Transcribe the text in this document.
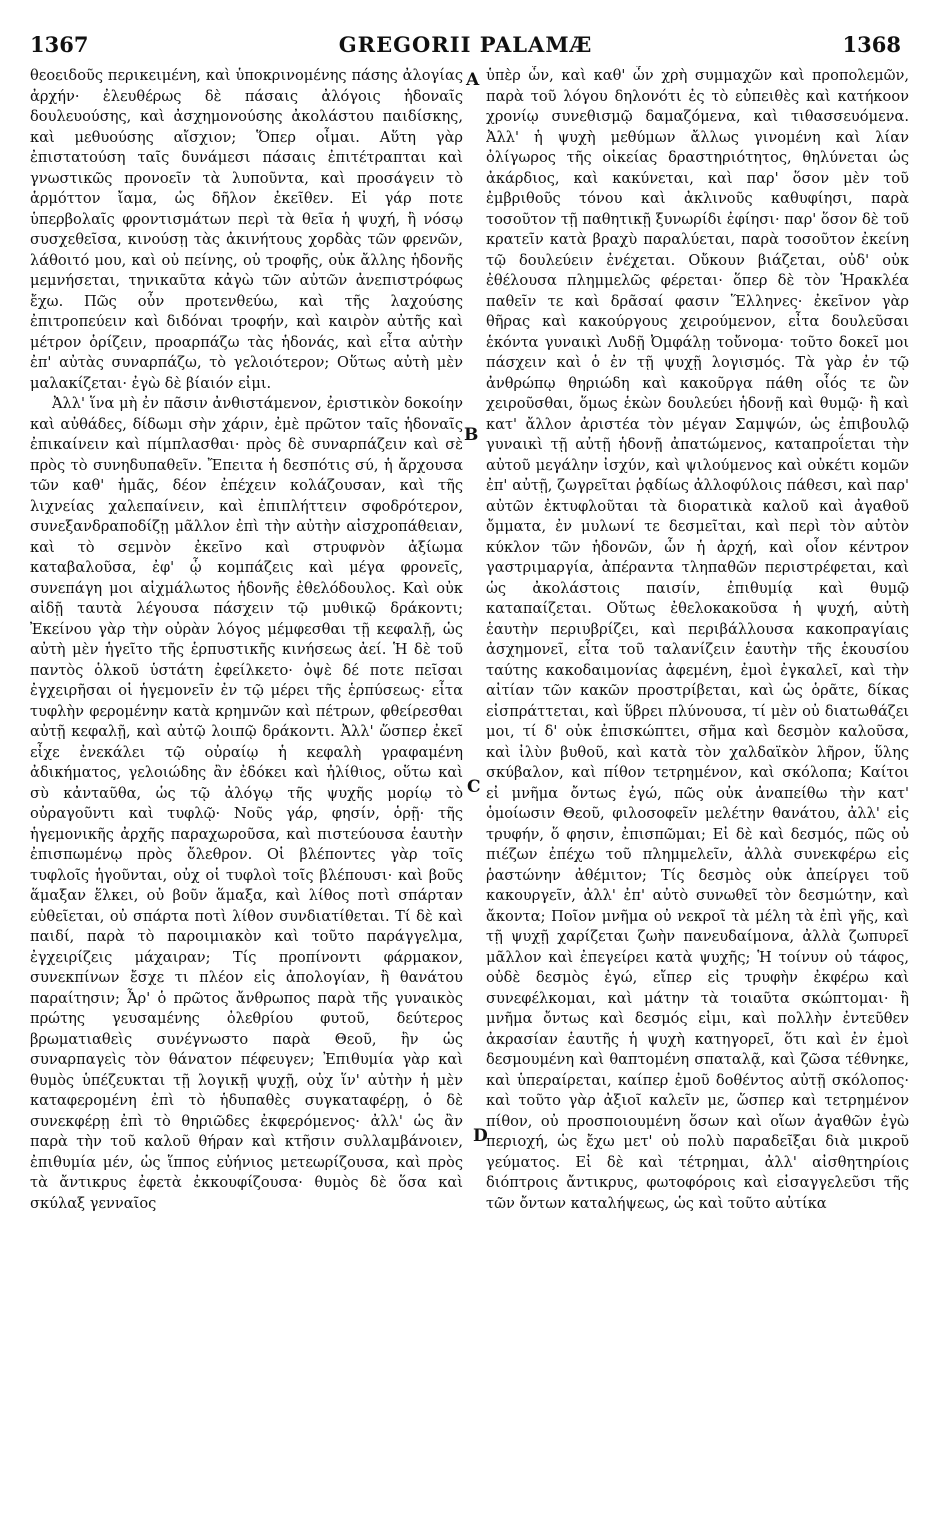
1367	GREGORII PALAMÆ	1368

θεοειδοῦς περικειμένη, καὶ ὑποκρινομένης πάσης ἀλογίας ἀρχήν· ἐλευθέρως δὲ πάσαις ἀλόγοις ἡδοναῖς δουλευούσης, καὶ ἀσχημονούσης ἀκολάστου παιδίσκης, καὶ μεθυούσης αἴσχιον; Ὅπερ οἶμαι. Αὕτη γὰρ ἐπιστατούση ταῖς δυνάμεσι πάσαις ἐπιτέτραπται καὶ γνωστικῶς προνοεῖν τὰ λυποῦντα, καὶ προσάγειν τὸ ἁρμόττον ἴαμα, ὡς δῆλον ἐκεῖθεν. Εἰ γάρ ποτε ὑπερβολαῖς φροντισμάτων περὶ τὰ θεῖα ἡ ψυχή, ἢ νόσῳ συσχεθεῖσα, κινούσῃ τὰς ἀκινήτους χορδὰς τῶν φρενῶν, λάθοιτό μου, καὶ οὐ πείνης, οὐ τροφῆς, οὐκ ἄλλης ἡδονῆς μεμνήσεται, τηνικαῦτα κἀγὼ τῶν αὐτῶν ἀνεπιστρόφως ἔχω. Πῶς οὖν προτενθεύω, καὶ τῆς λαχούσης ἐπιτροπεύειν καὶ διδόναι τροφήν, καὶ καιρὸν αὐτῆς καὶ μέτρον ὁρίζειν, προαρπάζω τὰς ἡδονάς, καὶ εἶτα αὐτὴν ἐπ' αὐτὰς συναρπάζω, τὸ γελοιότερον; Οὕτως αὐτὴ μὲν μαλακίζεται· ἐγὼ δὲ βίαιόν εἰμι.

Ἀλλ' ἵνα μὴ ἐν πᾶσιν ἀνθιστάμενον, ἐριστικὸν δοκοίην καὶ αὐθάδες, δίδωμι σὴν χάριν, ἐμὲ πρῶτον ταῖς ἡδοναῖς ἐπικαίνειν καὶ πίμπλασθαι· πρὸς δὲ συναρπάζειν καὶ σὲ πρὸς τὸ συνηδυπαθεῖν. Ἔπειτα ἡ δεσπότις σύ, ἡ ἄρχουσα τῶν καθ' ἡμᾶς, δέον ἐπέχειν κολάζουσαν, καὶ τῆς λιχνείας χαλεπαίνειν, καὶ ἐπιπλήττειν σφοδρότερον, συνεξανδραποδίζῃ μᾶλλον ἐπὶ τὴν αὐτὴν αἰσχροπάθειαν, καὶ τὸ σεμνὸν ἐκεῖνο καὶ στρυφνὸν ἀξίωμα καταβαλοῦσα, ἐφ' ᾧ κομπάζεις καὶ μέγα φρονεῖς, συνεπάγη μοι αἰχμάλωτος ἡδονῆς ἐθελόδουλος. Καὶ οὐκ αἰδῇ ταυτὰ λέγουσα πάσχειν τῷ μυθικῷ δράκοντι; Ἐκείνου γὰρ τὴν οὐρὰν λόγος μέμφεσθαι τῇ κεφαλῇ, ὡς αὐτὴ μὲν ἡγεῖτο τῆς ἑρπυστικῆς κινήσεως ἀεί. Ἡ δὲ τοῦ παντὸς ὁλκοῦ ὑστάτη ἐφείλκετο· ὀψὲ δέ ποτε πεῖσαι ἐγχειρῆσαι οἱ ἡγεμονεῖν ἐν τῷ μέρει τῆς ἑρπύσεως· εἶτα τυφλὴν φερομένην κατὰ κρημνῶν καὶ πέτρων, φθείρεσθαι αὐτῇ κεφαλῇ, καὶ αὐτῷ λοιπῷ δράκοντι. Ἀλλ' ὥσπερ ἐκεῖ εἶχε ἐνεκάλει τῷ οὐραίῳ ἡ κεφαλὴ γραφαμένη ἀδικήματος, γελοιώδης ἂν ἐδόκει καὶ ἠλίθιος, οὕτω καὶ σὺ κἀνταῦθα, ὡς τῷ ἀλόγῳ τῆς ψυχῆς μορίῳ τὸ οὐραγοῦντι καὶ τυφλῷ· Νοῦς γάρ, φησίν, ὁρῇ· τῆς ἡγεμονικῆς ἀρχῆς παραχωροῦσα, καὶ πιστεύουσα ἑαυτὴν ἐπισπωμένῳ πρὸς ὄλεθρον. Οἱ βλέποντες γὰρ τοῖς τυφλοῖς ἡγοῦνται, οὐχ οἱ τυφλοὶ τοῖς βλέπουσι· καὶ βοῦς ἅμαξαν ἕλκει, οὐ βοῦν ἅμαξα, καὶ λίθος ποτὶ σπάρταν εὐθεῖεται, οὐ σπάρτα ποτὶ λίθον συνδιατίθεται. Τί δὲ καὶ παιδί, παρὰ τὸ παροιμιακὸν καὶ τοῦτο παράγγελμα, ἐγχειρίζεις μάχαιραν; Τίς προπίνοντι φάρμακον, συνεκπίνων ἔσχε τι πλέον εἰς ἀπολογίαν, ἢ θανάτου παραίτησιν; Ἆρ' ὁ πρῶτος ἄνθρωπος παρὰ τῆς γυναικὸς πρώτης γευσαμένης ὀλεθρίου φυτοῦ, δεύτερος βρωματιαθεὶς συνέγνωστο παρὰ Θεοῦ, ἢν ὡς συναρπαγεὶς τὸν θάνατον πέφευγεν; Ἐπιθυμία γὰρ καὶ θυμὸς ὑπέζευκται τῇ λογικῇ ψυχῇ, οὐχ ἵν' αὐτὴν ἡ μὲν καταφερομένη ἐπὶ τὸ ἡδυπαθὲς συγκαταφέρῃ, ὁ δὲ συνεκφέρῃ ἐπὶ τὸ θηριῶδες ἐκφερόμενος· ἀλλ' ὡς ἂν παρὰ τὴν τοῦ καλοῦ θήραν καὶ κτῆσιν συλλαμβάνοιεν, ἐπιθυμία μέν, ὡς ἵππος εὐήνιος μετεωρίζουσα, καὶ πρὸς τὰ ἄντικρυς ἐφετὰ ἐκκουφίζουσα· θυμὸς δὲ ὅσα καὶ σκύλαξ γενναῖος

A
B
C
D

ὑπὲρ ὧν, καὶ καθ' ὧν χρὴ συμμαχῶν καὶ προπολεμῶν, παρὰ τοῦ λόγου δηλονότι ἐς τὸ εὐπειθὲς καὶ κατήκοον χρονίῳ συνεθισμῷ δαμαζόμενα, καὶ τιθασσευόμενα. Ἀλλ' ἡ ψυχὴ μεθύμων ἄλλως γινομένη καὶ λίαν ὀλίγωρος τῆς οἰκείας δραστηριότητος, θηλύνεται ὡς ἀκάρδιος, καὶ κακύνεται, καὶ παρ' ὅσον μὲν τοῦ ἐμβριθοῦς τόνου καὶ ἀκλινοῦς καθυφίησι, παρὰ τοσοῦτον τῇ παθητικῇ ξυνωρίδι ἐφίησι· παρ' ὅσον δὲ τοῦ κρατεῖν κατὰ βραχὺ παραλύεται, παρὰ τοσοῦτον ἐκείνη τῷ δουλεύειν ἐνέχεται. Οὔκουν βιάζεται, οὐδ' οὐκ ἐθέλουσα πλημμελῶς φέρεται· ὅπερ δὲ τὸν Ἡρακλέα παθεῖν τε καὶ δρᾶσαί φασιν Ἕλληνες· ἐκεῖνον γὰρ θῆρας καὶ κακούργους χειρούμενον, εἶτα δουλεῦσαι ἑκόντα γυναικὶ Λυδῇ Ὀμφάλῃ τοὔνομα· τοῦτο δοκεῖ μοι πάσχειν καὶ ὁ ἐν τῇ ψυχῇ λογισμός. Τὰ γὰρ ἐν τῷ ἀνθρώπῳ θηριώδη καὶ κακοῦργα πάθη οἷός τε ὢν χειροῦσθαι, ὅμως ἑκὼν δουλεύει ἡδονῇ καὶ θυμῷ· ἢ καὶ κατ' ἄλλον ἀριστέα τὸν μέγαν Σαμψών, ὡς ἐπιβουλῷ γυναικὶ τῇ αὐτῇ ἡδονῇ ἀπατώμενος, καταπροΐεται τὴν αὐτοῦ μεγάλην ἰσχύν, καὶ ψιλούμενος καὶ οὐκέτι κομῶν ἐπ' αὐτῇ, ζωγρεῖται ῥᾳδίως ἀλλοφύλοις πάθεσι, καὶ παρ' αὐτῶν ἐκτυφλοῦται τὰ διορατικὰ καλοῦ καὶ ἀγαθοῦ ὄμματα, ἐν μυλωνί τε δεσμεῖται, καὶ περὶ τὸν αὐτὸν κύκλον τῶν ἡδονῶν, ὧν ἡ ἀρχή, καὶ οἷον κέντρον γαστριμαργία, ἀπέραντα τληπαθῶν περιστρέφεται, καὶ ὡς ἀκολάστοις παισίν, ἐπιθυμίᾳ καὶ θυμῷ καταπαίζεται. Οὕτως ἐθελοκακοῦσα ἡ ψυχή, αὐτὴ ἑαυτὴν περιυβρίζει, καὶ περιβάλλουσα κακοπραγίαις ἀσχημονεῖ, εἶτα τοῦ ταλανίζειν ἑαυτὴν τῆς ἑκουσίου ταύτης κακοδαιμονίας ἀφεμένη, ἐμοὶ ἐγκαλεῖ, καὶ τὴν αἰτίαν τῶν κακῶν προστρίβεται, καὶ ὡς ὁρᾶτε, δίκας εἰσπράττεται, καὶ ὕβρει πλύνουσα, τί μὲν οὐ διατωθάζει μοι, τί δ' οὐκ ἐπισκώπτει, σῆμα καὶ δεσμὸν καλοῦσα, καὶ ἰλὺν βυθοῦ, καὶ κατὰ τὸν χαλδαϊκὸν λῆρον, ὕλης σκύβαλον, καὶ πίθον τετρημένον, καὶ σκόλοπα; Καίτοι εἰ μνῆμα ὄντως ἐγώ, πῶς οὐκ ἀναπείθω τὴν κατ' ὁμοίωσιν Θεοῦ, φιλοσοφεῖν μελέτην θανάτου, ἀλλ' εἰς τρυφήν, ὅ φησιν, ἐπισπῶμαι; Εἰ δὲ καὶ δεσμός, πῶς οὐ πιέζων ἐπέχω τοῦ πλημμελεῖν, ἀλλὰ συνεκφέρω εἰς ῥαστώνην ἀθέμιτον; Τίς δεσμὸς οὐκ ἀπείργει τοῦ κακουργεῖν, ἀλλ' ἐπ' αὐτὸ συνωθεῖ τὸν δεσμώτην, καὶ ἄκοντα; Ποῖον μνῆμα οὐ νεκροῖ τὰ μέλη τὰ ἐπὶ γῆς, καὶ τῇ ψυχῇ χαρίζεται ζωὴν πανευδαίμονα, ἀλλὰ ζωπυρεῖ μᾶλλον καὶ ἐπεγείρει κατὰ ψυχῆς; Ἡ τοίνυν οὐ τάφος, οὐδὲ δεσμὸς ἐγώ, εἴπερ εἰς τρυφὴν ἐκφέρω καὶ συνεφέλκομαι, καὶ μάτην τὰ τοιαῦτα σκώπτομαι· ἢ μνῆμα ὄντως καὶ δεσμός εἰμι, καὶ πολλὴν ἐντεῦθεν ἀκρασίαν ἑαυτῆς ἡ ψυχὴ κατηγορεῖ, ὅτι καὶ ἐν ἐμοὶ δεσμουμένη καὶ θαπτομένη σπαταλᾷ, καὶ ζῶσα τέθνηκε, καὶ ὑπεραίρεται, καίπερ ἐμοῦ δοθέντος αὐτῇ σκόλοπος· καὶ τοῦτο γὰρ ἀξιοῖ καλεῖν με, ὥσπερ καὶ τετρημένον πίθον, οὐ προσποιουμένη ὅσων καὶ οἵων ἀγαθῶν ἐγὼ περιοχή, ὡς ἔχω μετ' οὐ πολὺ παραδεῖξαι διὰ μικροῦ γεύματος. Εἰ δὲ καὶ τέτρημαι, ἀλλ' αἰσθητηρίοις διόπτροις ἄντικρυς, φωτοφόροις καὶ εἰσαγγελεῦσι τῆς τῶν ὄντων καταλήψεως, ὡς καὶ τοῦτο αὐτίκα
